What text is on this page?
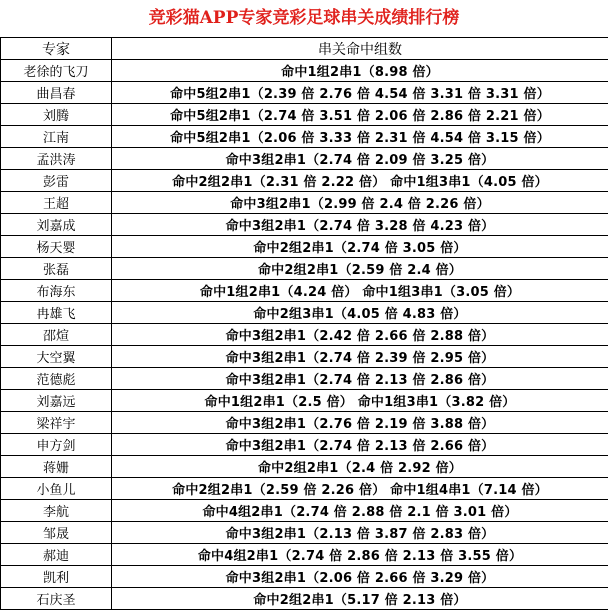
竞彩猫APP专家竞彩足球串关成绩排行榜
专家	串关命中组数
老徐的飞刀	命中1组2串1（8.98 倍）
曲昌春	命中5组2串1（2.39 倍 2.76 倍 4.54 倍 3.31 倍 3.31 倍）
刘腾	命中5组2串1（2.74 倍 3.51 倍 2.06 倍 2.86 倍 2.21 倍）
江南	命中5组2串1（2.06 倍 3.33 倍 2.31 倍 4.54 倍 3.15 倍）
孟洪涛	命中3组2串1（2.74 倍 2.09 倍 3.25 倍）
彭雷	命中2组2串1（2.31 倍 2.22 倍） 命中1组3串1（4.05 倍）
王超	命中3组2串1（2.99 倍 2.4 倍 2.26 倍）
刘嘉成	命中3组2串1（2.74 倍 3.28 倍 4.23 倍）
杨天婴	命中2组2串1（2.74 倍 3.05 倍）
张磊	命中2组2串1（2.59 倍 2.4 倍）
布海东	命中1组2串1（4.24 倍） 命中1组3串1（3.05 倍）
冉雄飞	命中2组3串1（4.05 倍 4.83 倍）
邵煊	命中3组2串1（2.42 倍 2.66 倍 2.88 倍）
大空翼	命中3组2串1（2.74 倍 2.39 倍 2.95 倍）
范德彪	命中3组2串1（2.74 倍 2.13 倍 2.86 倍）
刘嘉远	命中1组2串1（2.5 倍） 命中1组3串1（3.82 倍）
梁祥宇	命中3组2串1（2.76 倍 2.19 倍 3.88 倍）
申方剑	命中3组2串1（2.74 倍 2.13 倍 2.66 倍）
蒋姗	命中2组2串1（2.4 倍 2.92 倍）
小鱼儿	命中2组2串1（2.59 倍 2.26 倍） 命中1组4串1（7.14 倍）
李航	命中4组2串1（2.74 倍 2.88 倍 2.1 倍 3.01 倍）
邹晟	命中3组2串1（2.13 倍 3.87 倍 2.83 倍）
郝迪	命中4组2串1（2.74 倍 2.86 倍 2.13 倍 3.55 倍）
凯利	命中3组2串1（2.06 倍 2.66 倍 3.29 倍）
石庆圣	命中2组2串1（5.17 倍 2.13 倍）
